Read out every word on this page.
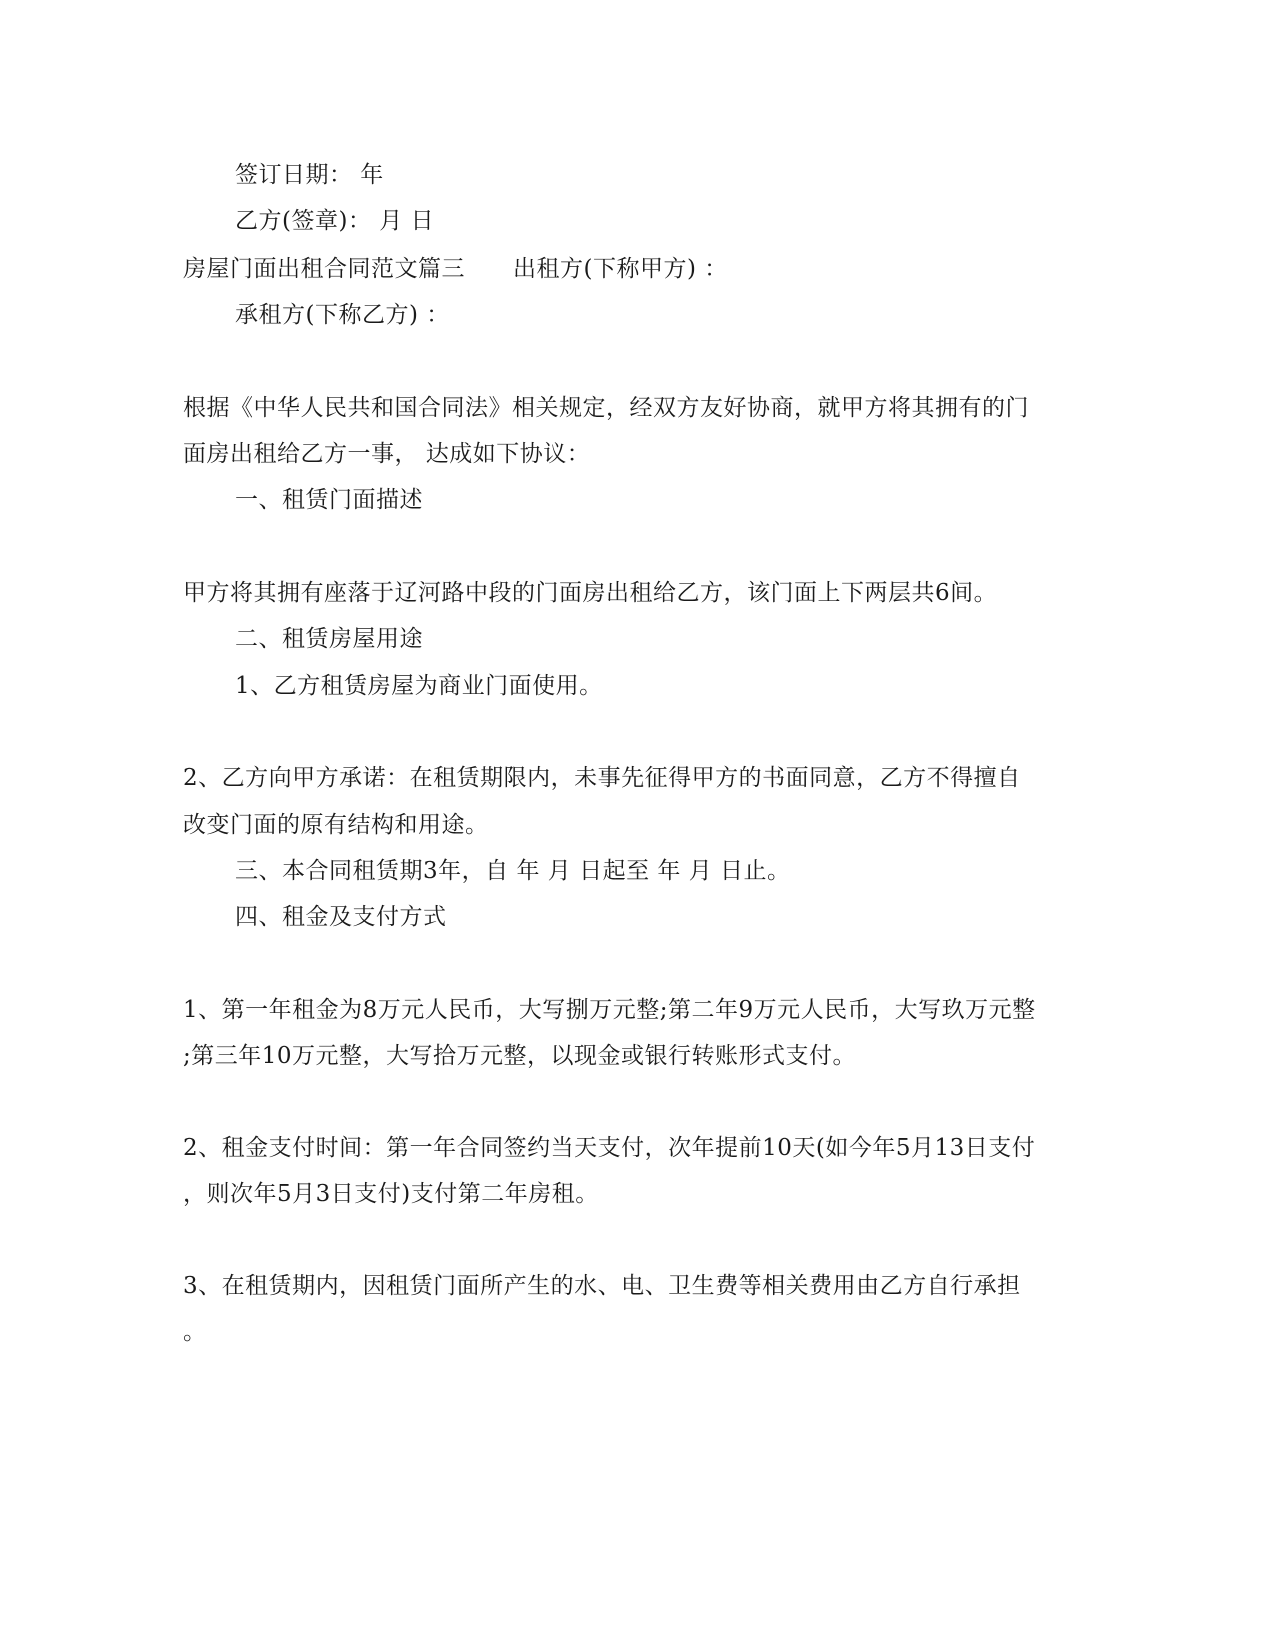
签订日期： 年
乙方(签章)： 月 日
房屋门面出租合同范文篇三 出租方(下称甲方) ：
承租方(下称乙方) ：
根据《中华人民共和国合同法》相关规定，经双方友好协商，就甲方将其拥有的门
面房出租给乙方一事， 达成如下协议：
一、租赁门面描述
甲方将其拥有座落于辽河路中段的门面房出租给乙方，该门面上下两层共6间。
二、租赁房屋用途
1、乙方租赁房屋为商业门面使用。
2、乙方向甲方承诺：在租赁期限内，未事先征得甲方的书面同意，乙方不得擅自
改变门面的原有结构和用途。
三、本合同租赁期3年，自 年 月 日起至 年 月 日止。
四、租金及支付方式
1、第一年租金为8万元人民币，大写捌万元整;第二年9万元人民币，大写玖万元整
;第三年10万元整，大写拾万元整，以现金或银行转账形式支付。
2、租金支付时间：第一年合同签约当天支付，次年提前10天(如今年5月13日支付
，则次年5月3日支付)支付第二年房租。
3、在租赁期内，因租赁门面所产生的水、电、卫生费等相关费用由乙方自行承担
。
